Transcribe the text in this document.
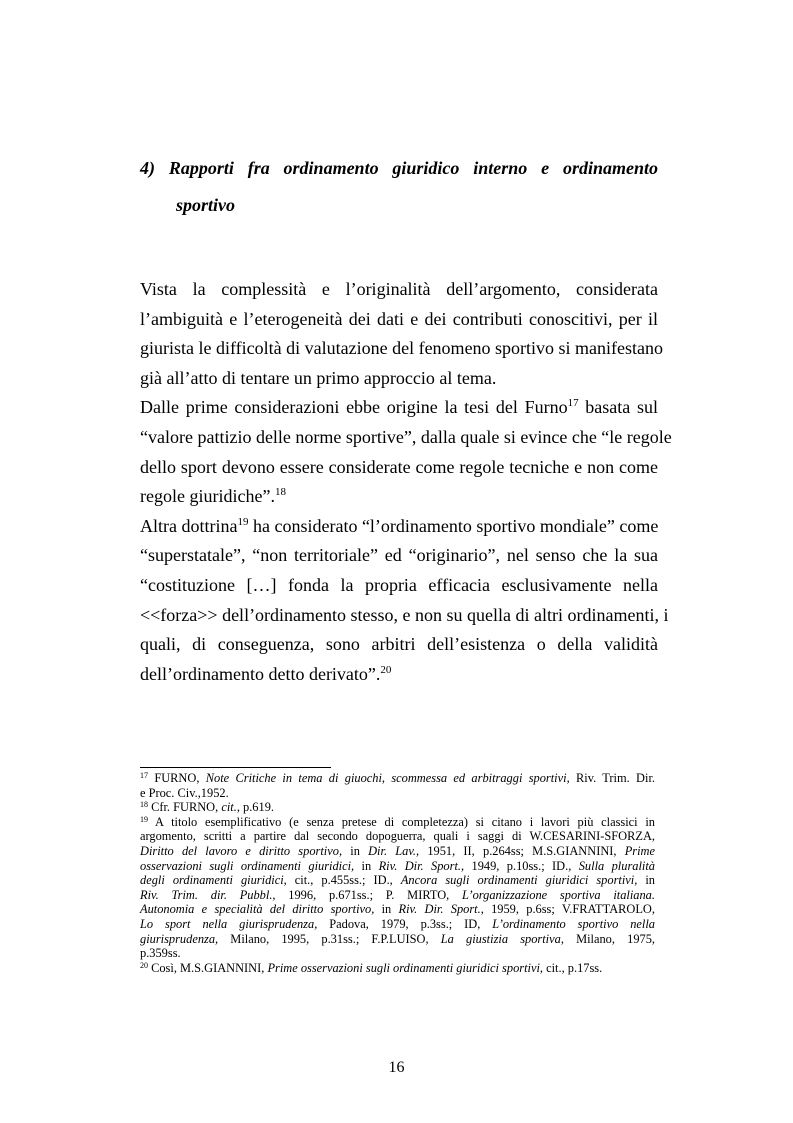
4) Rapporti fra ordinamento giuridico interno e ordinamento
sportivo
Vista la complessità e l’originalità dell’argomento, considerata
l’ambiguità e l’eterogeneità dei dati e dei contributi conoscitivi, per il
giurista le difficoltà di valutazione del fenomeno sportivo si manifestano
già all’atto di tentare un primo approccio al tema.
Dalle prime considerazioni ebbe origine la tesi del Furno$^{17}$ basata sul
“valore pattizio delle norme sportive”, dalla quale si evince che “le regole
dello sport devono essere considerate come regole tecniche e non come
regole giuridiche”.$^{18}$
Altra dottrina$^{19}$ ha considerato “l’ordinamento sportivo mondiale” come
“superstatale”, “non territoriale” ed “originario”, nel senso che la sua
“costituzione […] fonda la propria efficacia esclusivamente nella
<<forza>> dell’ordinamento stesso, e non su quella di altri ordinamenti, i
quali, di conseguenza, sono arbitri dell’esistenza o della validità
dell’ordinamento detto derivato”.$^{20}$
$^{17}$ FURNO, Note Critiche in tema di giuochi, scommessa ed arbitraggi sportivi, Riv. Trim. Dir.
e Proc. Civ.,1952.
$^{18}$ Cfr. FURNO, cit., p.619.
$^{19}$ A titolo esemplificativo (e senza pretese di completezza) si citano i lavori più classici in
argomento, scritti a partire dal secondo dopoguerra, quali i saggi di W.CESARINI-SFORZA,
Diritto del lavoro e diritto sportivo, in Dir. Lav., 1951, II, p.264ss; M.S.GIANNINI, Prime
osservazioni sugli ordinamenti giuridici, in Riv. Dir. Sport., 1949, p.10ss.; ID., Sulla pluralità
degli ordinamenti giuridici, cit., p.455ss.; ID., Ancora sugli ordinamenti giuridici sportivi, in
Riv. Trim. dir. Pubbl., 1996, p.671ss.; P. MIRTO, L’organizzazione sportiva italiana.
Autonomia e specialità del diritto sportivo, in Riv. Dir. Sport., 1959, p.6ss; V.FRATTAROLO,
Lo sport nella giurisprudenza, Padova, 1979, p.3ss.; ID, L’ordinamento sportivo nella
giurisprudenza, Milano, 1995, p.31ss.; F.P.LUISO, La giustizia sportiva, Milano, 1975,
p.359ss.
$^{20}$ Così, M.S.GIANNINI, Prime osservazioni sugli ordinamenti giuridici sportivi, cit., p.17ss.
16
